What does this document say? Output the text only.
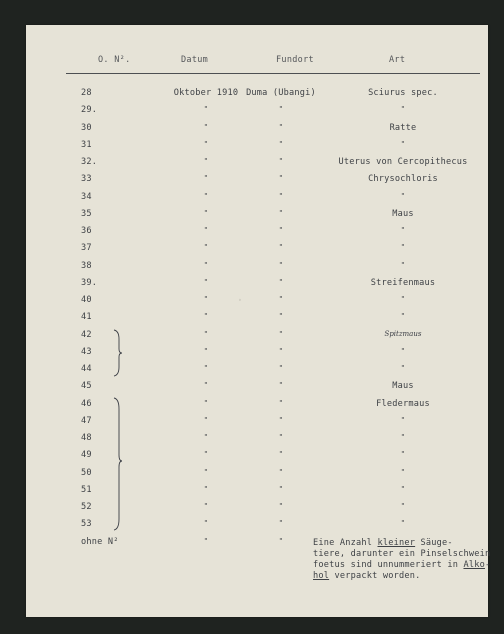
O. N².	Datum	Fundort	Art
28	Oktober 1910 Duma (Ubangi)	Sciurus spec.
29.	"	"	"
30	"	"	Ratte
31	"	"	"
32.	"	"	Uterus von Cercopithecus
33	"	"	Chrysochloris
34	"	"	"
35	"	"	Maus
36	"	"	"
37	"	"	"
38	"	"	"
39.	"	"	Streifenmaus
40	"	"	"
41	"	"	"
42	"	"	Spitzmaus
43	"	"	"
44	"	"	"
45	"	"	Maus
46	"	"	Fledermaus
47	"	"	"
48	"	"	"
49	"	"	"
50	"	"	"
51	"	"	"
52	"	"	"
53	"	"	"
ohne N²	"	"
◦
Eine Anzahl kleiner Säuge-
tiere, darunter ein Pinselschwein
foetus sind unnummeriert in Alko-
hol verpackt worden.
